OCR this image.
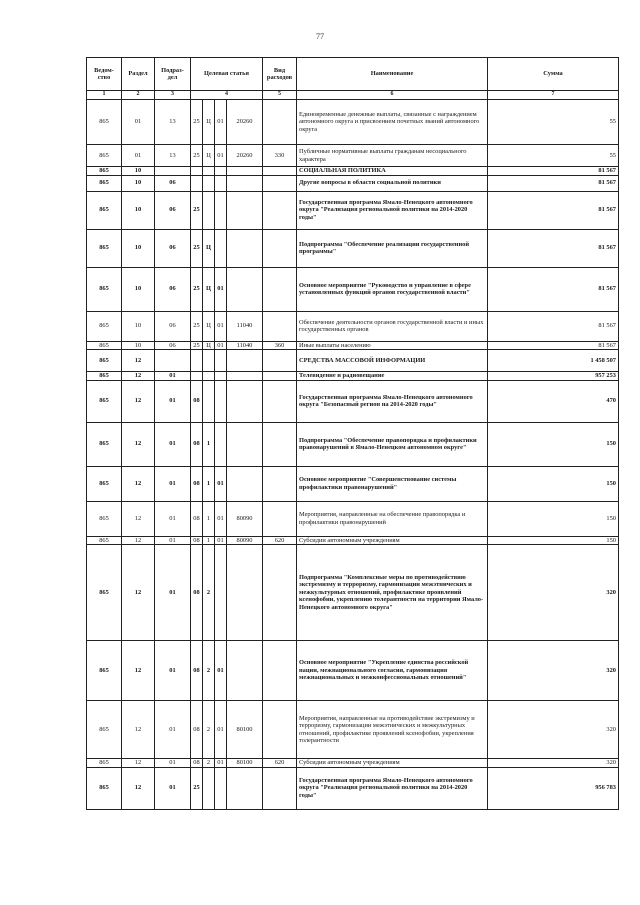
77
Ведом-ство	Раздел	Подраз-дел	Целевая статья				Вид расходов	Наименование	Сумма
1	2	3	4				5	6	7
865	01	13	25	Ц	01	20260		Единовременные денежные выплаты, связанные с награждением автономного округа и присвоением почетных званий автономного округа	55
865	01	13	25	Ц	01	20260	330	Публичные нормативные выплаты гражданам несоциального характера	55
865	10							СОЦИАЛЬНАЯ ПОЛИТИКА	81 567
865	10	06						Другие вопросы в области социальной политики	81 567
865	10	06	25					Государственная программа Ямало-Ненецкого автономного округа "Реализация региональной политики на 2014-2020 годы"	81 567
865	10	06	25	Ц				Подпрограмма "Обеспечение реализации государственной программы"	81 567
865	10	06	25	Ц	01			Основное мероприятие "Руководство и управление в сфере установленных функций органов государственной власти"	81 567
865	10	06	25	Ц	01	11040		Обеспечение деятельности органов государственной власти и иных государственных органов	81 567
865	10	06	25	Ц	01	11040	360	Иные выплаты населению	81 567
865	12							СРЕДСТВА МАССОВОЙ ИНФОРМАЦИИ	1 458 507
865	12	01						Телевидение и радиовещание	957 253
865	12	01	08					Государственная программа Ямало-Ненецкого автономного округа "Безопасный регион на 2014-2020 годы"	470
865	12	01	08	1				Подпрограмма "Обеспечение правопорядка и профилактики правонарушений в Ямало-Ненецком автономном округе"	150
865	12	01	08	1	01			Основное мероприятие "Совершенствование системы профилактики правонарушений"	150
865	12	01	08	1	01	80090		Мероприятия, направленные на обеспечение правопорядка и профилактики правонарушений	150
865	12	01	08	1	01	80090	620	Субсидии автономным учреждениям	150
865	12	01	08	2				Подпрограмма "Комплексные меры по противодействию экстремизму и терроризму, гармонизации межэтнических и межкультурных отношений, профилактике проявлений ксенофобии, укреплению толерантности на территории Ямало-Ненецкого автономного округа"	320
865	12	01	08	2	01			Основное мероприятие "Укрепление единства российской нации, межнационального согласия, гармонизация межнациональных и межконфессиональных отношений"	320
865	12	01	08	2	01	80100		Мероприятия, направленные на противодействие экстремизму и терроризму, гармонизации межэтнических и межкультурных отношений, профилактике проявлений ксенофобии, укрепления толерантности	320
865	12	01	08	2	01	80100	620	Субсидии автономным учреждениям	320
865	12	01	25					Государственная программа Ямало-Ненецкого автономного округа "Реализация региональной политики на 2014-2020 годы"	956 783
